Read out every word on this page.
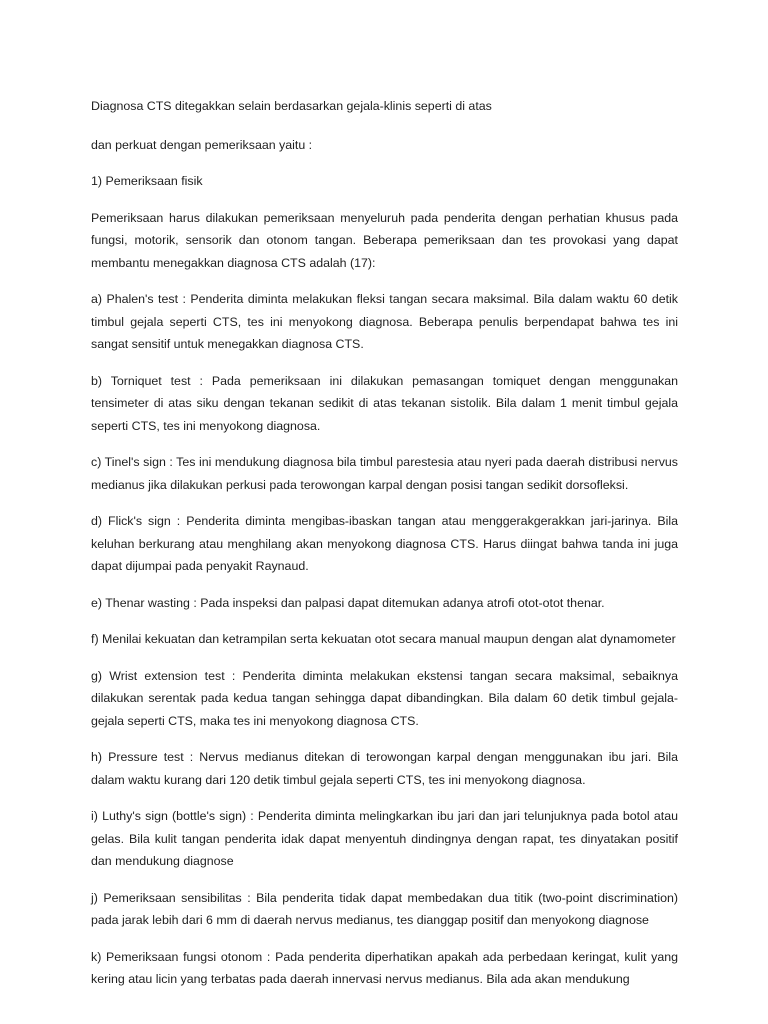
Diagnosa CTS ditegakkan selain berdasarkan gejala-klinis seperti di atas

dan perkuat dengan pemeriksaan yaitu :

1) Pemeriksaan fisik

Pemeriksaan harus dilakukan pemeriksaan menyeluruh pada penderita dengan perhatian khusus pada fungsi, motorik, sensorik dan otonom tangan. Beberapa pemeriksaan dan tes provokasi yang dapat membantu menegakkan diagnosa CTS adalah (17):

a) Phalen's test : Penderita diminta melakukan fleksi tangan secara maksimal. Bila dalam waktu 60 detik timbul gejala seperti CTS, tes ini menyokong diagnosa. Beberapa penulis berpendapat bahwa tes ini sangat sensitif untuk menegakkan diagnosa CTS.

b) Torniquet test : Pada pemeriksaan ini dilakukan pemasangan tomiquet dengan menggunakan tensimeter di atas siku dengan tekanan sedikit di atas tekanan sistolik. Bila dalam 1 menit timbul gejala seperti CTS, tes ini menyokong diagnosa.

c) Tinel's sign : Tes ini mendukung diagnosa bila timbul parestesia atau nyeri pada daerah distribusi nervus medianus jika dilakukan perkusi pada terowongan karpal dengan posisi tangan sedikit dorsofleksi.

d) Flick's sign : Penderita diminta mengibas-ibaskan tangan atau menggerakgerakkan jari-jarinya. Bila keluhan berkurang atau menghilang akan menyokong diagnosa CTS. Harus diingat bahwa tanda ini juga dapat dijumpai pada penyakit Raynaud.

e) Thenar wasting : Pada inspeksi dan palpasi dapat ditemukan adanya atrofi otot-otot thenar.

f) Menilai kekuatan dan ketrampilan serta kekuatan otot secara manual maupun dengan alat dynamometer

g) Wrist extension test : Penderita diminta melakukan ekstensi tangan secara maksimal, sebaiknya dilakukan serentak pada kedua tangan sehingga dapat dibandingkan. Bila dalam 60 detik timbul gejala-gejala seperti CTS, maka tes ini menyokong diagnosa CTS.

h) Pressure test : Nervus medianus ditekan di terowongan karpal dengan menggunakan ibu jari. Bila dalam waktu kurang dari 120 detik timbul gejala seperti CTS, tes ini menyokong diagnosa.

i) Luthy's sign (bottle's sign) : Penderita diminta melingkarkan ibu jari dan jari telunjuknya pada botol atau gelas. Bila kulit tangan penderita idak dapat menyentuh dindingnya dengan rapat, tes dinyatakan positif dan mendukung diagnose

j) Pemeriksaan sensibilitas : Bila penderita tidak dapat membedakan dua titik (two-point discrimination) pada jarak lebih dari 6 mm di daerah nervus medianus, tes dianggap positif dan menyokong diagnose

k) Pemeriksaan fungsi otonom : Pada penderita diperhatikan apakah ada perbedaan keringat, kulit yang kering atau licin yang terbatas pada daerah innervasi nervus medianus. Bila ada akan mendukung
